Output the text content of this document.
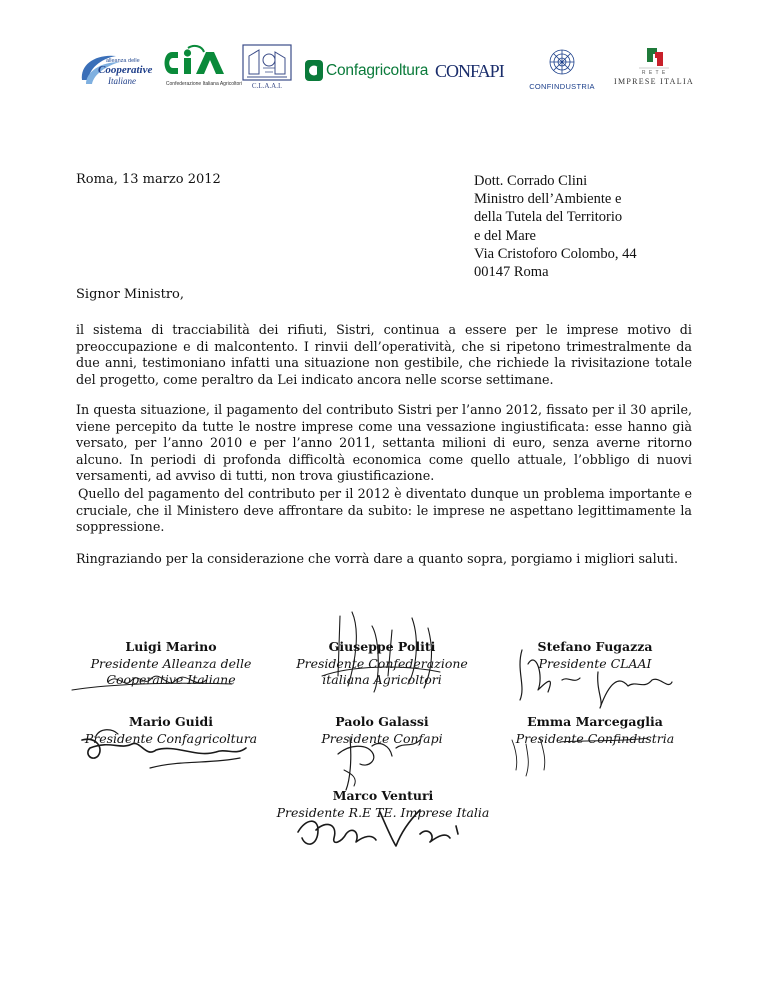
alleanza delle
Cooperative
Italiane	Confederazione Italiana Agricoltori	C.L.A.A.I.
Confagricoltura CONFAPI
CONFINDUSTRIA
R E T E
IMPRESE ITALIA
Roma, 13 marzo 2012	Dott. Corrado Clini
Ministro dell’Ambiente e
della Tutela del Territorio
e del Mare
Via Cristoforo Colombo, 44
00147 Roma
Signor Ministro,
il sistema di tracciabilità dei rifiuti, Sistri, continua a essere per le imprese motivo di preoccupazione e di malcontento. I rinvii dell’operatività, che si ripetono trimestralmente da due anni, testimoniano infatti una situazione non gestibile, che richiede la rivisitazione totale del progetto, come peraltro da Lei indicato ancora nelle scorse settimane.
In questa situazione, il pagamento del contributo Sistri per l’anno 2012, fissato per il 30 aprile, viene percepito da tutte le nostre imprese come una vessazione ingiustificata: esse hanno già versato, per l’anno 2010 e per l’anno 2011, settanta milioni di euro, senza averne ritorno alcuno. In periodi di profonda difficoltà economica come quello attuale, l’obbligo di nuovi versamenti, ad avviso di tutti, non trova giustificazione.
Quello del pagamento del contributo per il 2012 è diventato dunque un problema importante e cruciale, che il Ministero deve affrontare da subito: le imprese ne aspettano legittimamente la soppressione.
Ringraziando per la considerazione che vorrà dare a quanto sopra, porgiamo i migliori saluti.
Luigi Marino
Presidente Alleanza delle Cooperative Italiane
Giuseppe Politi
Presidente Confederazione italiana Agricoltori
Stefano Fugazza
Presidente CLAAI
Mario Guidi
Presidente Confagricoltura
Paolo Galassi
Presidente Confapi
Emma Marcegaglia
Presidente Confindustria
Marco Venturi
Presidente R.E TE. Imprese Italia
